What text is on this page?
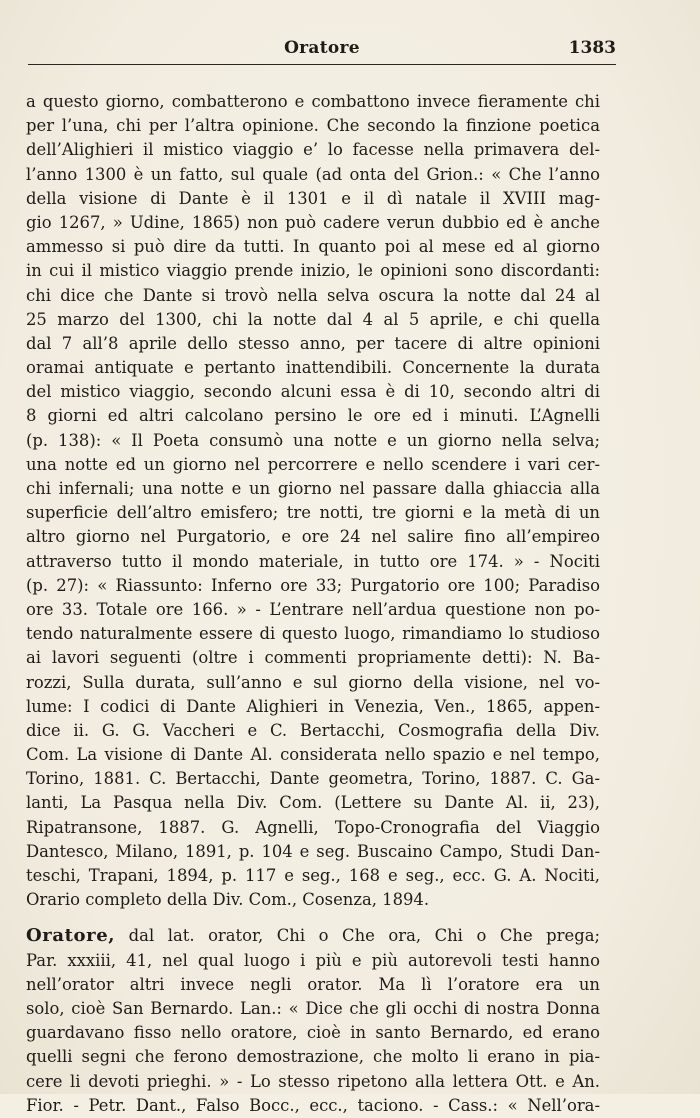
Oratore	1383
a questo giorno, combatterono e combattono invece fieramente chi
per l’una, chi per l’altra opinione. Che secondo la finzione poetica
dell’Alighieri il mistico viaggio e’ lo facesse nella primavera del-
l’anno 1300 è un fatto, sul quale (ad onta del Grion.: « Che l’anno
della visione di Dante è il 1301 e il dì natale il XVIII mag-
gio 1267, » Udine, 1865) non può cadere verun dubbio ed è anche
ammesso si può dire da tutti. In quanto poi al mese ed al giorno
in cui il mistico viaggio prende inizio, le opinioni sono discordanti:
chi dice che Dante si trovò nella selva oscura la notte dal 24 al
25 marzo del 1300, chi la notte dal 4 al 5 aprile, e chi quella
dal 7 all’8 aprile dello stesso anno, per tacere di altre opinioni
oramai antiquate e pertanto inattendibili. Concernente la durata
del mistico viaggio, secondo alcuni essa è di 10, secondo altri di
8 giorni ed altri calcolano persino le ore ed i minuti. L’Agnelli
(p. 138): « Il Poeta consumò una notte e un giorno nella selva;
una notte ed un giorno nel percorrere e nello scendere i vari cer-
chi infernali; una notte e un giorno nel passare dalla ghiaccia alla
superficie dell’altro emisfero; tre notti, tre giorni e la metà di un
altro giorno nel Purgatorio, e ore 24 nel salire fino all’empireo
attraverso tutto il mondo materiale, in tutto ore 174. » - Nociti
(p. 27): « Riassunto: Inferno ore 33; Purgatorio ore 100; Paradiso
ore 33. Totale ore 166. » - L’entrare nell’ardua questione non po-
tendo naturalmente essere di questo luogo, rimandiamo lo studioso
ai lavori seguenti (oltre i commenti propriamente detti): N. Ba-
rozzi, Sulla durata, sull’anno e sul giorno della visione, nel vo-
lume: I codici di Dante Alighieri in Venezia, Ven., 1865, appen-
dice ii. G. G. Vaccheri e C. Bertacchi, Cosmografia della Div.
Com. La visione di Dante Al. considerata nello spazio e nel tempo,
Torino, 1881. C. Bertacchi, Dante geometra, Torino, 1887. C. Ga-
lanti, La Pasqua nella Div. Com. (Lettere su Dante Al. ii, 23),
Ripatransone, 1887. G. Agnelli, Topo-Cronografia del Viaggio
Dantesco, Milano, 1891, p. 104 e seg. Buscaino Campo, Studi Dan-
teschi, Trapani, 1894, p. 117 e seg., 168 e seg., ecc. G. A. Nociti,
Orario completo della Div. Com., Cosenza, 1894.
Oratore, dal lat. orator, Chi o Che ora, Chi o Che prega;
Par. xxxiii, 41, nel qual luogo i più e più autorevoli testi hanno
nell’orator altri invece negli orator. Ma lì l’oratore era un
solo, cioè San Bernardo. Lan.: « Dice che gli occhi di nostra Donna
guardavano fisso nello oratore, cioè in santo Bernardo, ed erano
quelli segni che ferono demostrazione, che molto li erano in pia-
cere li devoti prieghi. » - Lo stesso ripetono alla lettera Ott. e An.
Fior. - Petr. Dant., Falso Bocc., ecc., taciono. - Cass.: « Nell’ora-
